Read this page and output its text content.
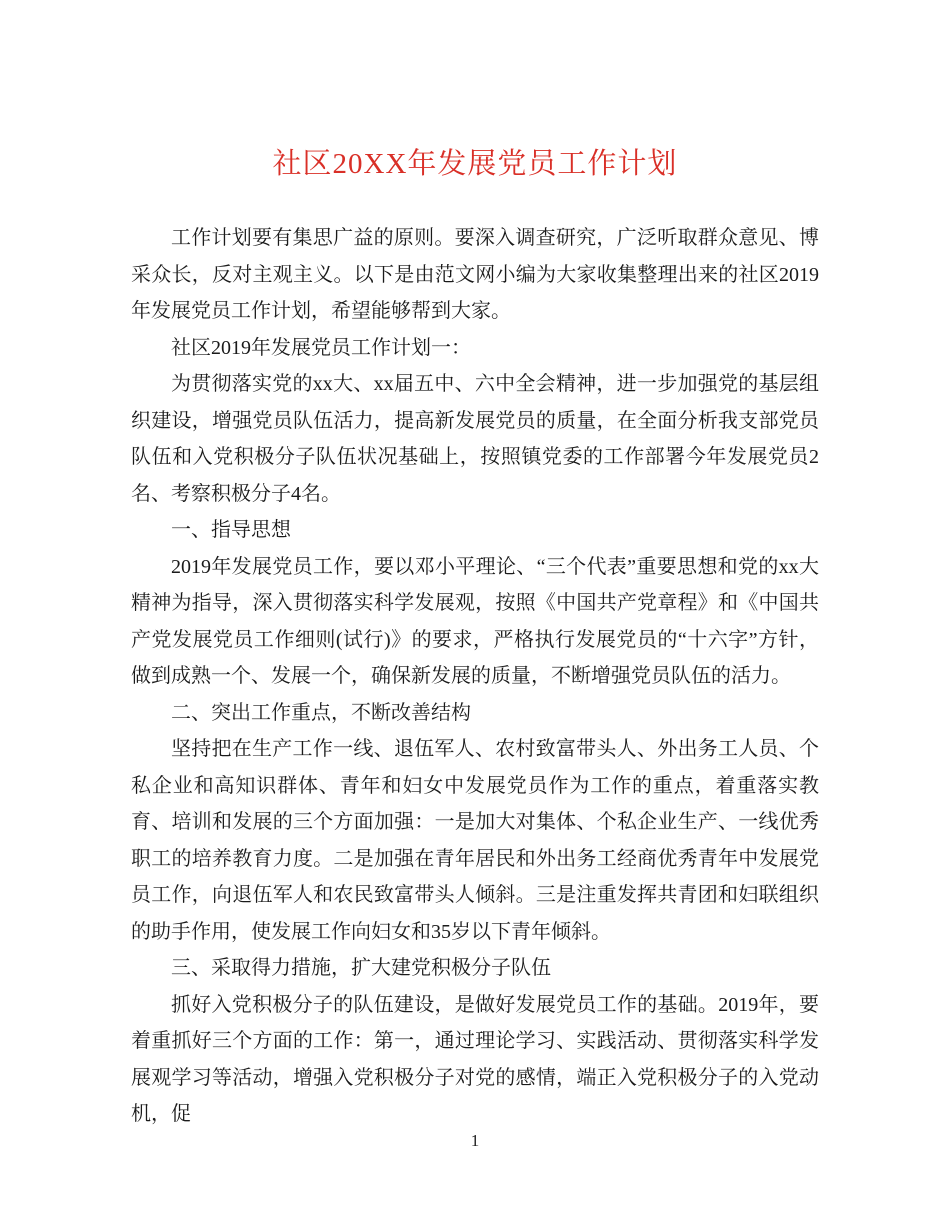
社区20XX年发展党员工作计划

工作计划要有集思广益的原则。要深入调查研究，广泛听取群众意见、博采众长，反对主观主义。以下是由范文网小编为大家收集整理出来的社区2019年发展党员工作计划，希望能够帮到大家。

社区2019年发展党员工作计划一：

为贯彻落实党的xx大、xx届五中、六中全会精神，进一步加强党的基层组织建设，增强党员队伍活力，提高新发展党员的质量，在全面分析我支部党员队伍和入党积极分子队伍状况基础上，按照镇党委的工作部署今年发展党员2名、考察积极分子4名。

一、指导思想

2019年发展党员工作，要以邓小平理论、“三个代表”重要思想和党的xx大精神为指导，深入贯彻落实科学发展观，按照《中国共产党章程》和《中国共产党发展党员工作细则(试行)》的要求，严格执行发展党员的“十六字”方针，做到成熟一个、发展一个，确保新发展的质量，不断增强党员队伍的活力。

二、突出工作重点，不断改善结构

坚持把在生产工作一线、退伍军人、农村致富带头人、外出务工人员、个私企业和高知识群体、青年和妇女中发展党员作为工作的重点，着重落实教育、培训和发展的三个方面加强：一是加大对集体、个私企业生产、一线优秀职工的培养教育力度。二是加强在青年居民和外出务工经商优秀青年中发展党员工作，向退伍军人和农民致富带头人倾斜。三是注重发挥共青团和妇联组织的助手作用，使发展工作向妇女和35岁以下青年倾斜。

三、采取得力措施，扩大建党积极分子队伍

抓好入党积极分子的队伍建设，是做好发展党员工作的基础。2019年，要着重抓好三个方面的工作：第一，通过理论学习、实践活动、贯彻落实科学发展观学习等活动，增强入党积极分子对党的感情，端正入党积极分子的入党动机，促

1
